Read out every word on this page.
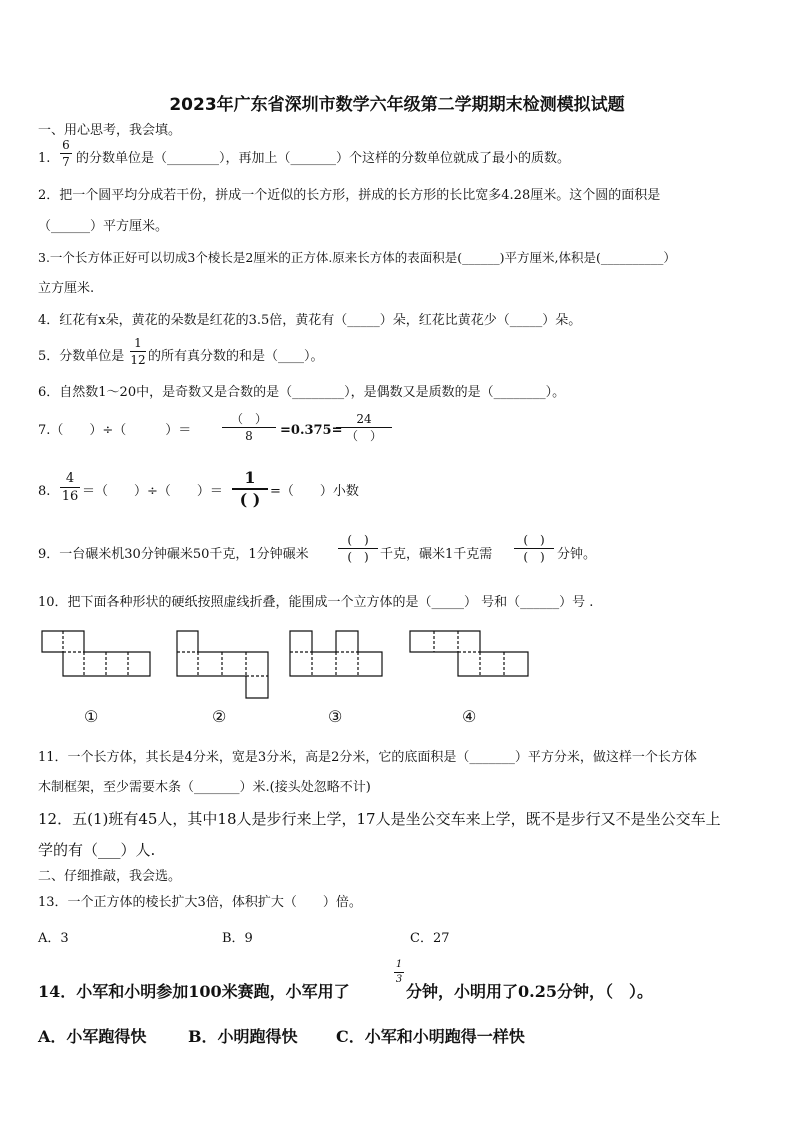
2023年广东省深圳市数学六年级第二学期期末检测模拟试题
一、用心思考，我会填。
1.
6
7 的分数单位是（________），再加上（_______）个这样的分数单位就成了最小的质数。
2．把一个圆平均分成若干份，拼成一个近似的长方形，拼成的长方形的长比宽多4.28厘米。这个圆的面积是
（______）平方厘米。
3.一个长方体正好可以切成3个棱长是2厘米的正方体.原来长方体的表面积是(______)平方厘米,体积是(__________）
立方厘米.
4．红花有x朵，黄花的朵数是红花的3.5倍，黄花有（_____）朵，红花比黄花少（_____）朵。
5．分数单位是
1
12 的所有真分数的和是（____）。
6．自然数1～20中，是奇数又是合数的是（________），是偶数又是质数的是（________）。
7.（　　）÷（　　　）＝
（　）
8	=0.375=
24
（　）
8.
4
16 ＝（　　）÷（　　）＝
1
( ) =（　　）小数
9．一台碾米机30分钟碾米50千克，1分钟碾米
(　)
(　) 千克，碾米1千克需
(　)
(　) 分钟。
10．把下面各种形状的硬纸按照虚线折叠，能围成一个立方体的是（_____） 号和（______）号 .
①	②	③	④
11．一个长方体，其长是4分米，宽是3分米，高是2分米，它的底面积是（_______）平方分米，做这样一个长方体
木制框架，至少需要木条（_______）米.(接头处忽略不计)
12．五(1)班有45人，其中18人是步行来上学，17人是坐公交车来上学，既不是步行又不是坐公交车上
学的有（___）人.
二、仔细推敲，我会选。
13．一个正方体的棱长扩大3倍，体积扩大（　　）倍。
A．3	B．9	C．27
14．小军和小明参加100米赛跑，小军用了
1
3
分钟，小明用了0.25分钟，（　）。
A．小军跑得快	B．小明跑得快 C．小军和小明跑得一样快
